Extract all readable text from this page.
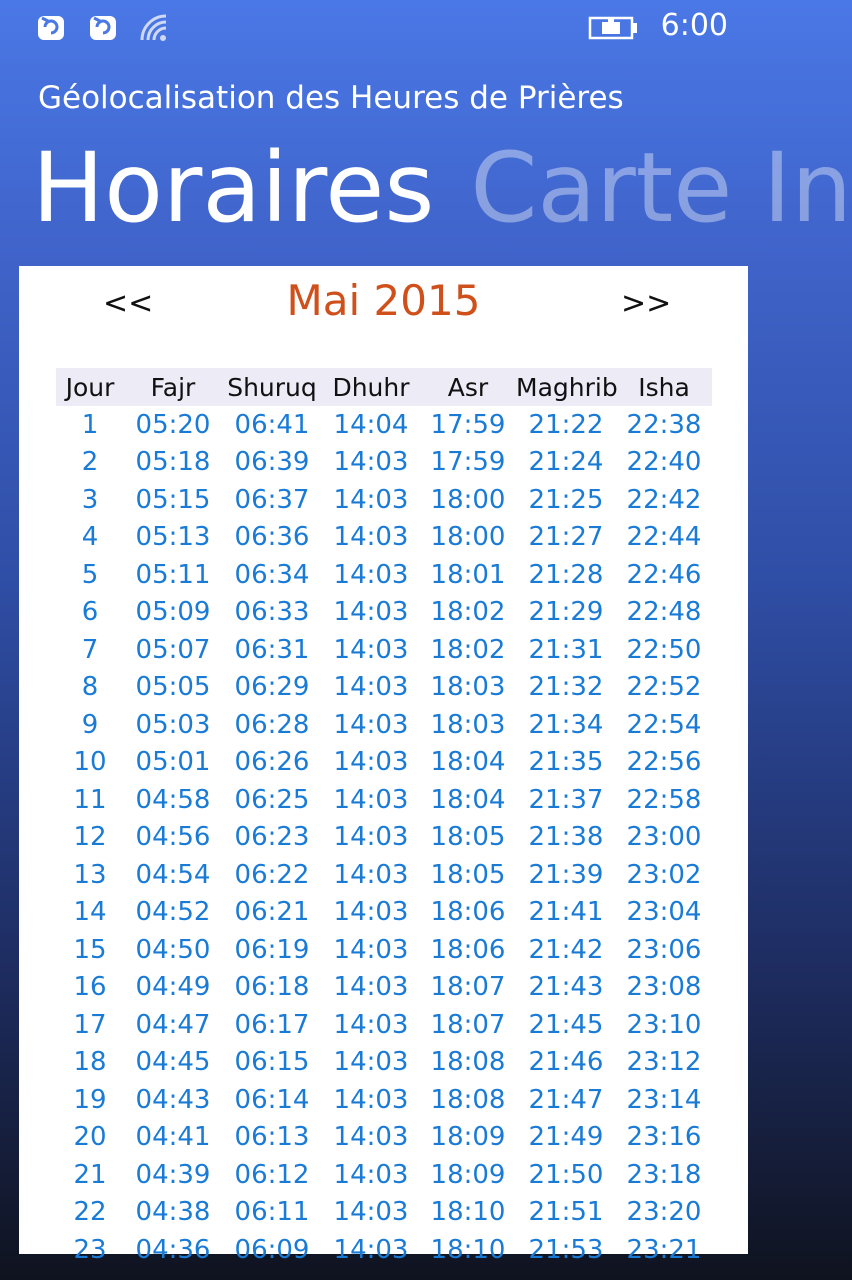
6:00
Géolocalisation des Heures de Prières
Horaires Carte In
<<	Mai 2015	>>
Jour	Fajr	Shuruq Dhuhr	Asr	Maghrib Isha
1	05:20 06:41 14:04 17:59 21:22 22:38
2	05:18 06:39 14:03 17:59 21:24 22:40
3	05:15 06:37 14:03 18:00 21:25 22:42
4	05:13 06:36 14:03 18:00 21:27 22:44
5	05:11 06:34 14:03 18:01 21:28 22:46
6	05:09 06:33 14:03 18:02 21:29 22:48
7	05:07 06:31 14:03 18:02 21:31 22:50
8	05:05 06:29 14:03 18:03 21:32 22:52
9	05:03 06:28 14:03 18:03 21:34 22:54
10	05:01 06:26 14:03 18:04 21:35 22:56
11	04:58 06:25 14:03 18:04 21:37 22:58
12	04:56 06:23 14:03 18:05 21:38 23:00
13	04:54 06:22 14:03 18:05 21:39 23:02
14	04:52 06:21 14:03 18:06 21:41 23:04
15	04:50 06:19 14:03 18:06 21:42 23:06
16	04:49 06:18 14:03 18:07 21:43 23:08
17	04:47 06:17 14:03 18:07 21:45 23:10
18	04:45 06:15 14:03 18:08 21:46 23:12
19	04:43 06:14 14:03 18:08 21:47 23:14
20	04:41 06:13 14:03 18:09 21:49 23:16
21	04:39 06:12 14:03 18:09 21:50 23:18
22	04:38 06:11 14:03 18:10 21:51 23:20
23	04:36 06:09 14:03 18:10 21:53 23:21
